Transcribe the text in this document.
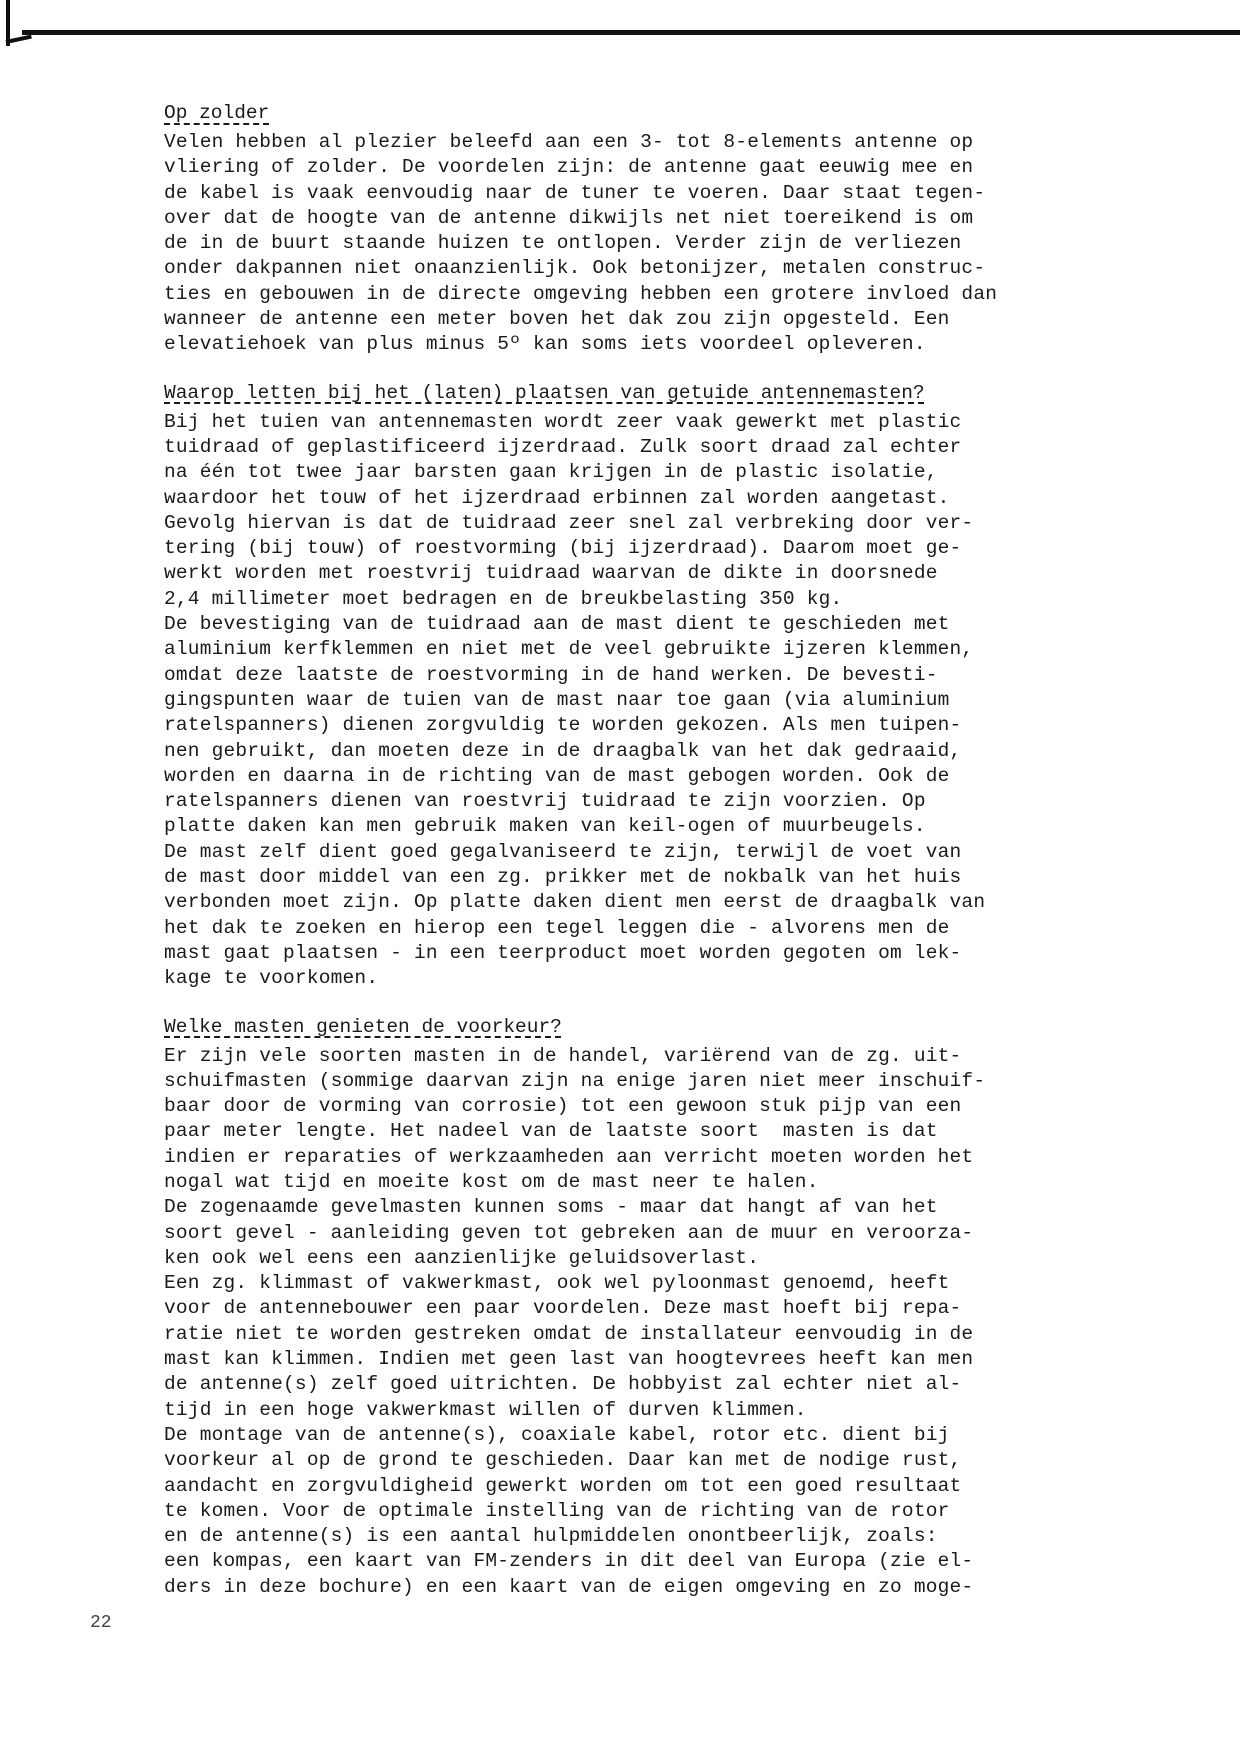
Op zolder
Velen hebben al plezier beleefd aan een 3- tot 8-elements antenne op
vliering of zolder. De voordelen zijn: de antenne gaat eeuwig mee en
de kabel is vaak eenvoudig naar de tuner te voeren. Daar staat tegen-
over dat de hoogte van de antenne dikwijls net niet toereikend is om
de in de buurt staande huizen te ontlopen. Verder zijn de verliezen
onder dakpannen niet onaanzienlijk. Ook betonijzer, metalen construc-
ties en gebouwen in de directe omgeving hebben een grotere invloed dan
wanneer de antenne een meter boven het dak zou zijn opgesteld. Een
elevatiehoek van plus minus 5º kan soms iets voordeel opleveren.
Waarop letten bij het (laten) plaatsen van getuide antennemasten?
Bij het tuien van antennemasten wordt zeer vaak gewerkt met plastic
tuidraad of geplastificeerd ijzerdraad. Zulk soort draad zal echter
na één tot twee jaar barsten gaan krijgen in de plastic isolatie,
waardoor het touw of het ijzerdraad erbinnen zal worden aangetast.
Gevolg hiervan is dat de tuidraad zeer snel zal verbreking door ver-
tering (bij touw) of roestvorming (bij ijzerdraad). Daarom moet ge-
werkt worden met roestvrij tuidraad waarvan de dikte in doorsnede
2,4 millimeter moet bedragen en de breukbelasting 350 kg.
De bevestiging van de tuidraad aan de mast dient te geschieden met
aluminium kerfklemmen en niet met de veel gebruikte ijzeren klemmen,
omdat deze laatste de roestvorming in de hand werken. De bevesti-
gingspunten waar de tuien van de mast naar toe gaan (via aluminium
ratelspanners) dienen zorgvuldig te worden gekozen. Als men tuipen-
nen gebruikt, dan moeten deze in de draagbalk van het dak gedraaid,
worden en daarna in de richting van de mast gebogen worden. Ook de
ratelspanners dienen van roestvrij tuidraad te zijn voorzien. Op
platte daken kan men gebruik maken van keil-ogen of muurbeugels.
De mast zelf dient goed gegalvaniseerd te zijn, terwijl de voet van
de mast door middel van een zg. prikker met de nokbalk van het huis
verbonden moet zijn. Op platte daken dient men eerst de draagbalk van
het dak te zoeken en hierop een tegel leggen die - alvorens men de
mast gaat plaatsen - in een teerproduct moet worden gegoten om lek-
kage te voorkomen.
Welke masten genieten de voorkeur?
Er zijn vele soorten masten in de handel, variërend van de zg. uit-
schuifmasten (sommige daarvan zijn na enige jaren niet meer inschuif-
baar door de vorming van corrosie) tot een gewoon stuk pijp van een
paar meter lengte. Het nadeel van de laatste soort  masten is dat
indien er reparaties of werkzaamheden aan verricht moeten worden het
nogal wat tijd en moeite kost om de mast neer te halen.
De zogenaamde gevelmasten kunnen soms - maar dat hangt af van het
soort gevel - aanleiding geven tot gebreken aan de muur en veroorza-
ken ook wel eens een aanzienlijke geluidsoverlast.
Een zg. klimmast of vakwerkmast, ook wel pyloonmast genoemd, heeft
voor de antennebouwer een paar voordelen. Deze mast hoeft bij repa-
ratie niet te worden gestreken omdat de installateur eenvoudig in de
mast kan klimmen. Indien met geen last van hoogtevrees heeft kan men
de antenne(s) zelf goed uitrichten. De hobbyist zal echter niet al-
tijd in een hoge vakwerkmast willen of durven klimmen.
De montage van de antenne(s), coaxiale kabel, rotor etc. dient bij
voorkeur al op de grond te geschieden. Daar kan met de nodige rust,
aandacht en zorgvuldigheid gewerkt worden om tot een goed resultaat
te komen. Voor de optimale instelling van de richting van de rotor
en de antenne(s) is een aantal hulpmiddelen onontbeerlijk, zoals:
een kompas, een kaart van FM-zenders in dit deel van Europa (zie el-
ders in deze bochure) en een kaart van de eigen omgeving en zo moge-
22
